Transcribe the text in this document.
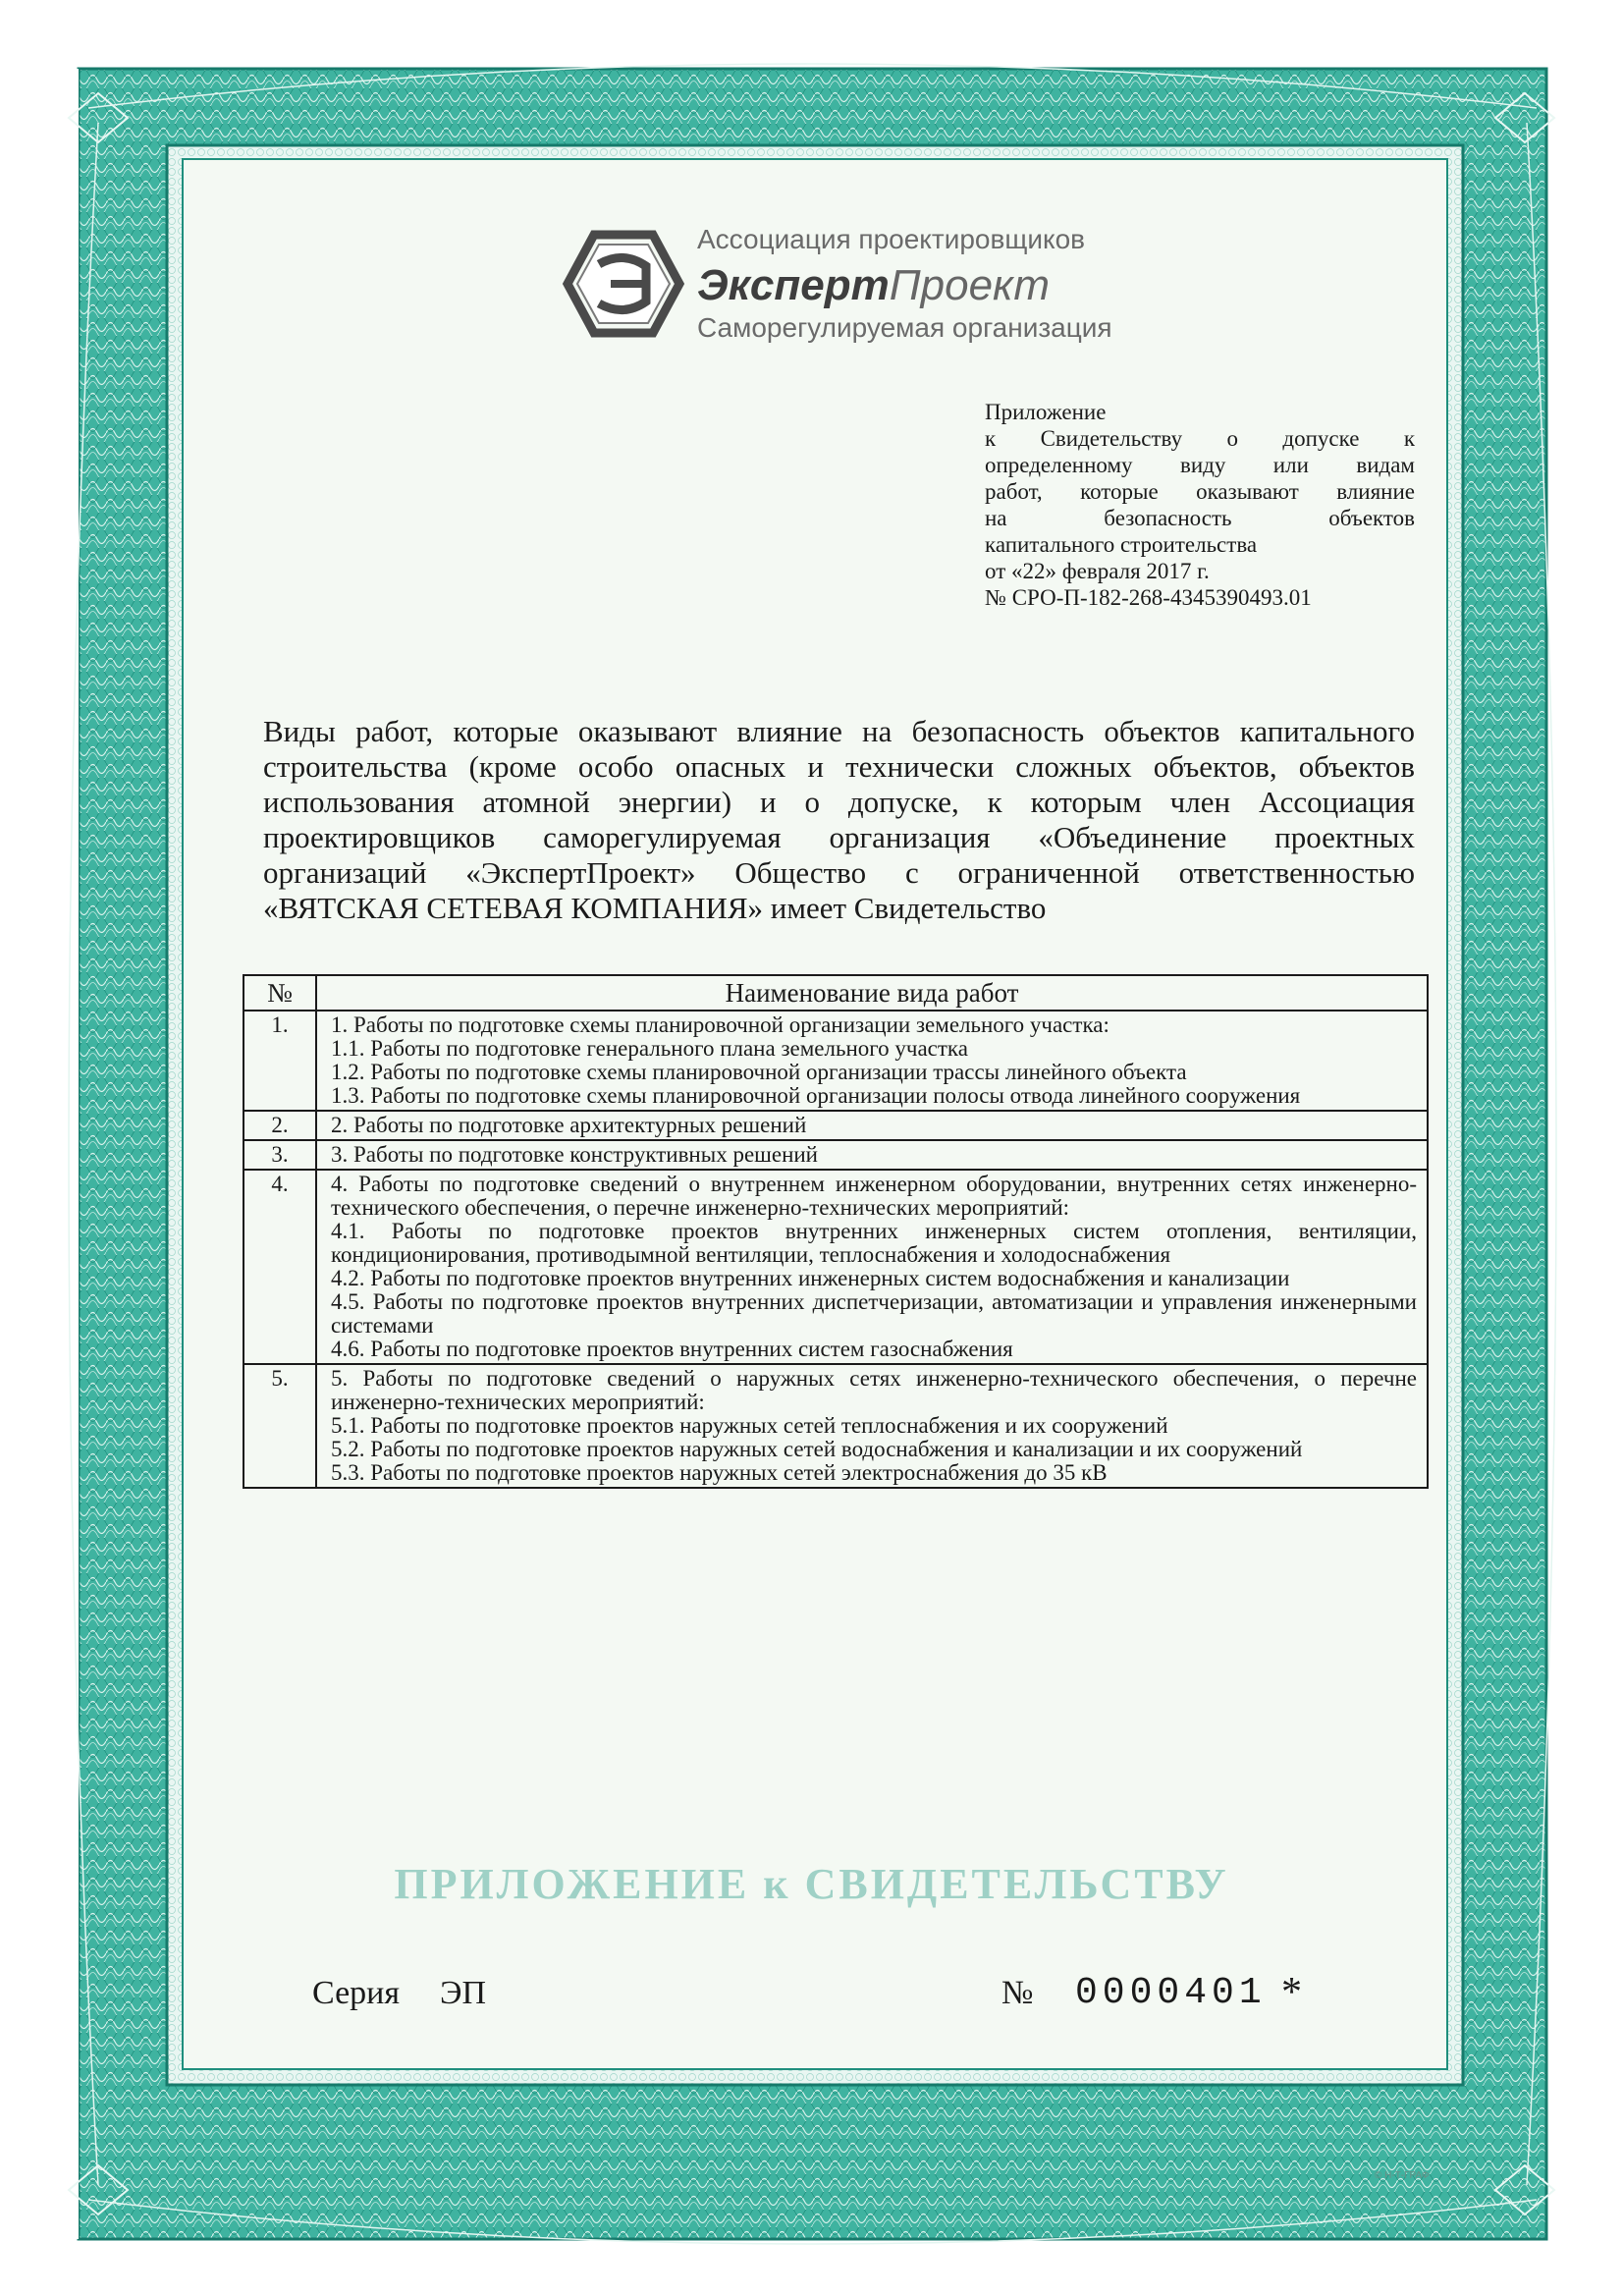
Ассоциация проектировщиков
ЭкспертПроект
Саморегулируемая организация
Приложение
к Свидетельству о допуске к
определенному виду или видам
работ, которые оказывают влияние
на безопасность объектов
капитального строительства
от «22» февраля 2017 г.
№ СРО-П-182-268-4345390493.01
Виды работ, которые оказывают влияние на безопасность объектов капитального строительства (кроме особо опасных и технически сложных объектов, объектов использования атомной энергии) и о допуске, к которым член Ассоциация проектировщиков саморегулируемая организация «Объединение проектных организаций «ЭкспертПроект» Общество с ограниченной ответственностью «ВЯТСКАЯ СЕТЕВАЯ КОМПАНИЯ» имеет Свидетельство
№	Наименование вида работ
1.	1. Работы по подготовке схемы планировочной организации земельного участка:
1.1. Работы по подготовке генерального плана земельного участка
1.2. Работы по подготовке схемы планировочной организации трассы линейного объекта
1.3. Работы по подготовке схемы планировочной организации полосы отвода линейного сооружения

2.	2. Работы по подготовке архитектурных решений

3.	3. Работы по подготовке конструктивных решений

4.	4. Работы по подготовке сведений о внутреннем инженерном оборудовании, внутренних сетях инженерно-технического обеспечения, о перечне инженерно-технических мероприятий:
4.1. Работы по подготовке проектов внутренних инженерных систем отопления, вентиляции, кондиционирования, противодымной вентиляции, теплоснабжения и холодоснабжения
4.2. Работы по подготовке проектов внутренних инженерных систем водоснабжения и канализации
4.5. Работы по подготовке проектов внутренних диспетчеризации, автоматизации и управления инженерными системами
4.6. Работы по подготовке проектов внутренних систем газоснабжения

5.	5. Работы по подготовке сведений о наружных сетях инженерно-технического обеспечения, о перечне инженерно-технических мероприятий:
5.1. Работы по подготовке проектов наружных сетей теплоснабжения и их сооружений
5.2. Работы по подготовке проектов наружных сетей водоснабжения и канализации и их сооружений
5.3. Работы по подготовке проектов наружных сетей электроснабжения до 35 кВ
ПРИЛОЖЕНИЕ к СВИДЕТЕЛЬСТВУ
Серия ЭП	№ 0000401 *
© Н-Т-ГРАФ
